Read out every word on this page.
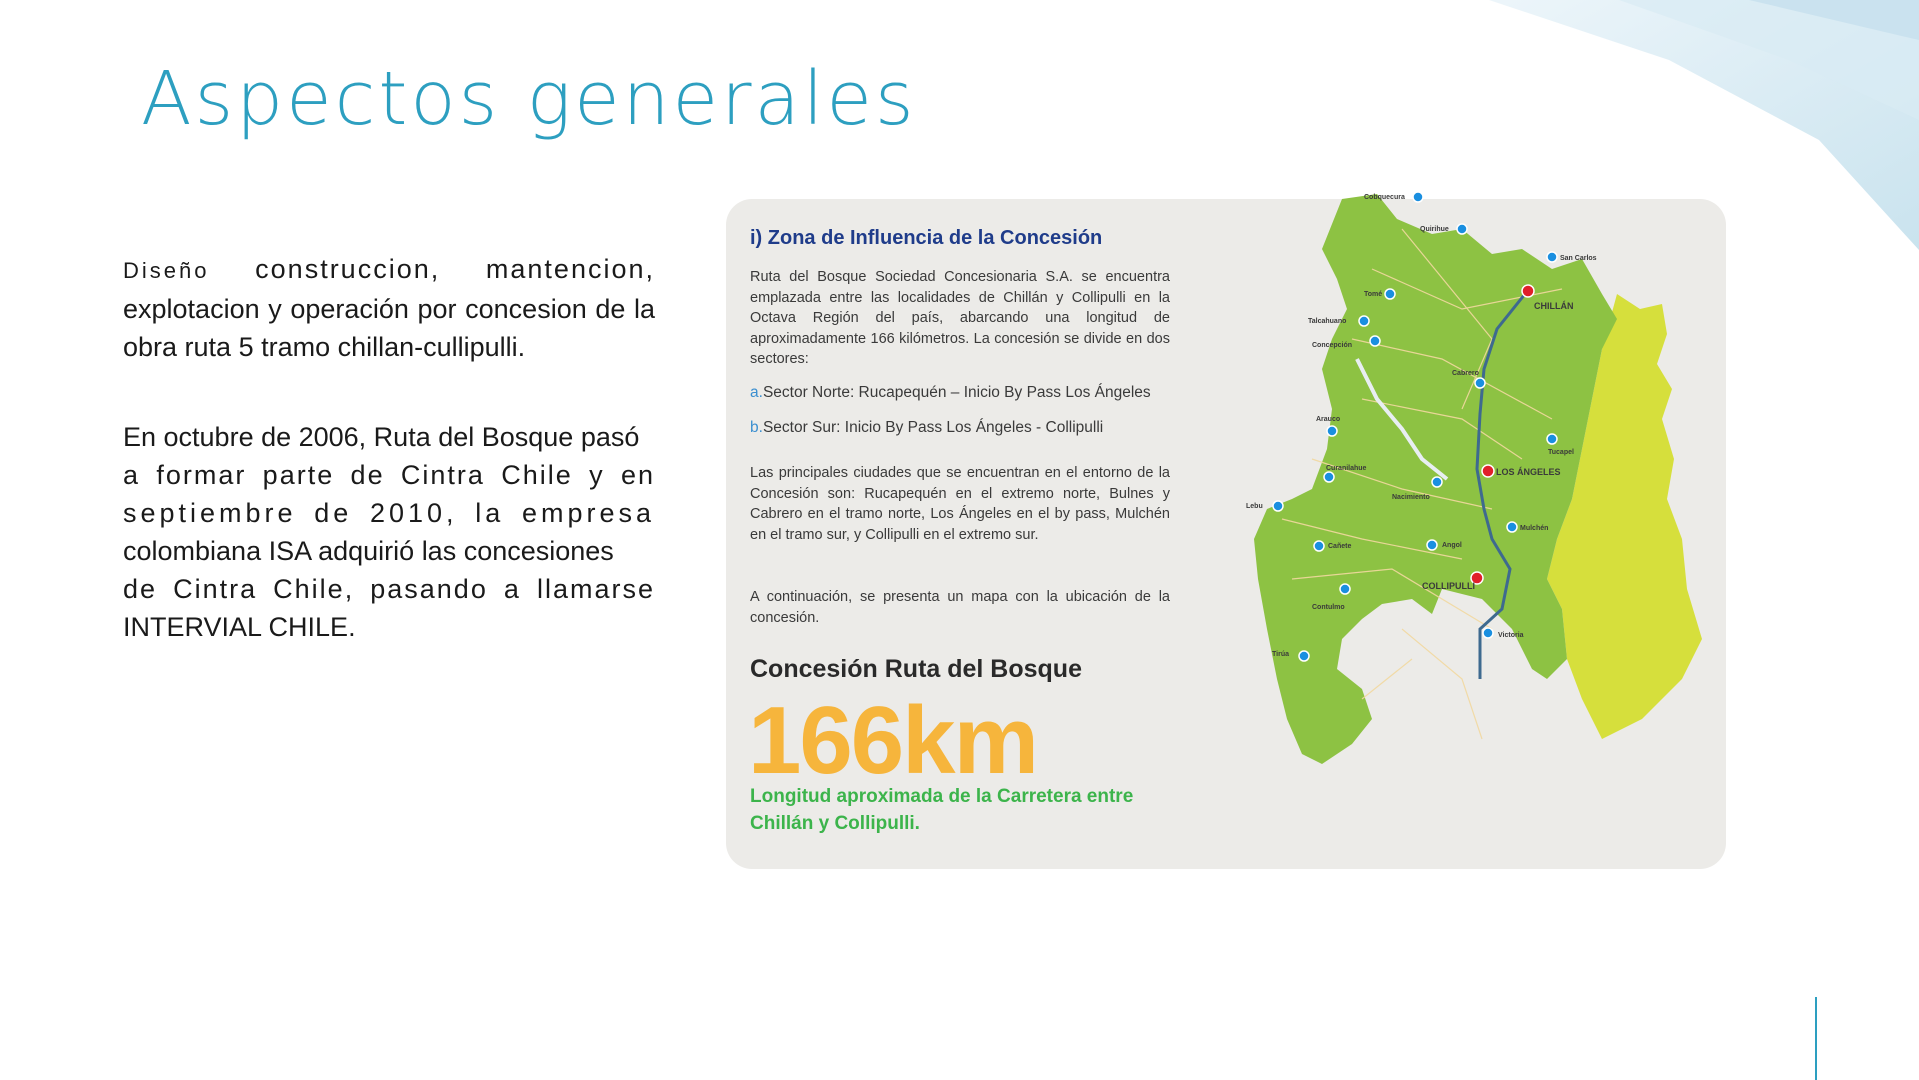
Aspectos generales

Diseño construccion, mantencion, explotacion y operación por concesion de la obra ruta 5 tramo chillan-cullipulli.

En octubre de 2006, Ruta del Bosque pasó
a formar parte de Cintra Chile y en
septiembre de 2010, la empresa
colombiana ISA adquirió las concesiones
de Cintra Chile, pasando a llamarse
INTERVIAL CHILE.
i) Zona de Influencia de la Concesión

Ruta del Bosque Sociedad Concesionaria S.A. se encuentra emplazada entre las localidades de Chillán y Collipulli en la Octava Región del país, abarcando una longitud de aproximadamente 166 kilómetros. La concesión se divide en dos sectores:

a.Sector Norte: Rucapequén – Inicio By Pass Los Ángeles
b.Sector Sur: Inicio By Pass Los Ángeles - Collipulli

Las principales ciudades que se encuentran en el entorno de la Concesión son: Rucapequén en el extremo norte, Bulnes y Cabrero en el tramo norte, Los Ángeles en el by pass, Mulchén en el tramo sur, y Collipulli en el extremo sur.

A continuación, se presenta un mapa con la ubicación de la concesión.

Concesión Ruta del Bosque
166km

Longitud aproximada de la Carretera entre Chillán y Collipulli.

Cobquecura
Quirihue
San Carlos
Tomé
CHILLÁN
Talcahuano
Concepción
Cabrero
Arauco
Tucapel
Curanilahue	LOS ÁNGELES
Nacimiento
Lebu
Mulchén
Angol
Cañete
COLLIPULLI
Contulmo
Victoria
Tirúa
